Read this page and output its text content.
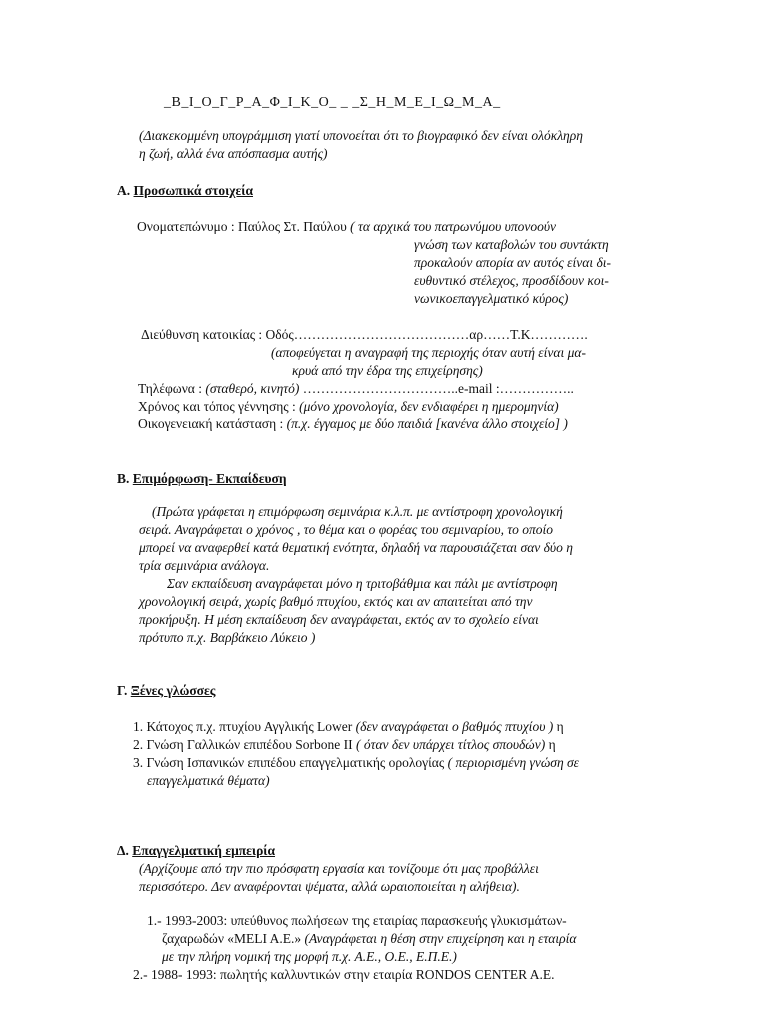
_Β_Ι_Ο_Γ_Ρ_Α_Φ_Ι_Κ_Ο_ _ _Σ_Η_Μ_Ε_Ι_Ω_Μ_Α_
(Διακεκομμένη υπογράμμιση γιατί υπονοείται ότι το βιογραφικό δεν είναι ολόκληρη
η ζωή, αλλά ένα απόσπασμα αυτής)
Α. Προσωπικά στοιχεία
Ονοματεπώνυμο : Παύλος Στ. Παύλου ( τα αρχικά του πατρωνύμου υπονοούν
γνώση των καταβολών του συντάκτη
προκαλούν απορία αν αυτός είναι δι-
ευθυντικό στέλεχος, προσδίδουν κοι-
νωνικοεπαγγελματικό κύρος)
Διεύθυνση κατοικίας : Οδός…………………………………αρ……Τ.Κ………….
(αποφεύγεται η αναγραφή της περιοχής όταν αυτή είναι μα-
κρυά από την έδρα της επιχείρησης)
Τηλέφωνα : (σταθερό, κινητό) ……………………………..e-mail :……………..
Χρόνος και τόπος γέννησης : (μόνο χρονολογία, δεν ενδιαφέρει η ημερομηνία)
Οικογενειακή κατάσταση : (π.χ. έγγαμος με δύο παιδιά [κανένα άλλο στοιχείο] )
Β. Επιμόρφωση- Εκπαίδευση
(Πρώτα γράφεται η επιμόρφωση σεμινάρια κ.λ.π. με αντίστροφη χρονολογική
σειρά. Αναγράφεται ο χρόνος , το θέμα και ο φορέας του σεμιναρίου, το οποίο
μπορεί να αναφερθεί κατά θεματική ενότητα, δηλαδή να παρουσιάζεται σαν δύο η
τρία σεμινάρια ανάλογα.
Σαν εκπαίδευση αναγράφεται μόνο η τριτοβάθμια και πάλι με αντίστροφη
χρονολογική σειρά, χωρίς βαθμό πτυχίου, εκτός και αν απαιτείται από την
προκήρυξη. Η μέση εκπαίδευση δεν αναγράφεται, εκτός αν το σχολείο είναι
πρότυπο π.χ. Βαρβάκειο Λύκειο )
Γ. Ξένες γλώσσες
1. Κάτοχος π.χ. πτυχίου Αγγλικής Lower (δεν αναγράφεται ο βαθμός πτυχίου ) η
2. Γνώση Γαλλικών επιπέδου Sorbone II ( όταν δεν υπάρχει τίτλος σπουδών) η
3. Γνώση Ισπανικών επιπέδου επαγγελματικής ορολογίας ( περιορισμένη γνώση σε
επαγγελματικά θέματα)
Δ. Επαγγελματική εμπειρία
(Αρχίζουμε από την πιο πρόσφατη εργασία και τονίζουμε ότι μας προβάλλει
περισσότερο. Δεν αναφέρονται ψέματα, αλλά ωραιοποιείται η αλήθεια).
1.- 1993-2003: υπεύθυνος πωλήσεων της εταιρίας παρασκευής γλυκισμάτων-
ζαχαρωδών «MELI A.E.» (Αναγράφεται η θέση στην επιχείρηση και η εταιρία
με την πλήρη νομική της μορφή π.χ. Α.Ε., Ο.Ε., Ε.Π.Ε.)
2.- 1988- 1993: πωλητής καλλυντικών στην εταιρία RONDOS CENTER A.E.
